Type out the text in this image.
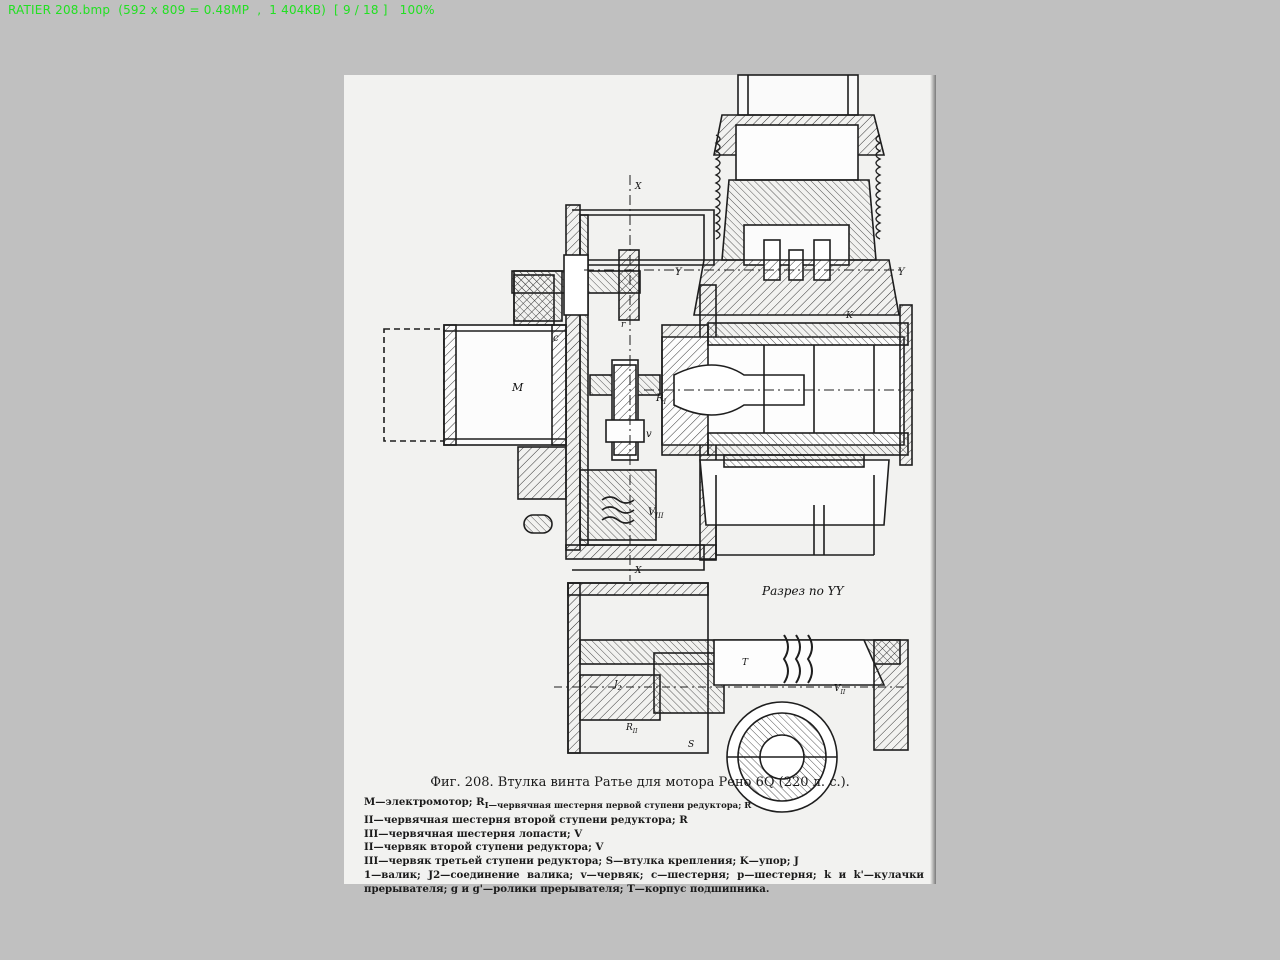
RATIER 208.bmp  (592 x 809 = 0.48MP  ,  1 404KB)  [ 9 / 18 ]   100%
M
c
v
$R_I$
$V_{III}$
K
Y	Y
X
X
r
T
S
$R_{II}$
$V_{II}$
$J_2$
Разрез по YY
Фиг. 208. Втулка винта Ратье для мотора Рено 6Q (220 л. с.).
M—электромотор; $R_{I—червячная шестерня первой ступени редуктора; R}$
II—червячная шестерня второй ступени редуктора; R
III—червячная шестерня лопасти; V
II—червяк второй ступени редуктора; V
III—червяк третьей ступени редуктора; S—втулка крепления; K—упор; J
1—валик; J2—соединение валика; v—червяк; c—шестерня; p—шестерня; k и k'—кулачки прерывателя; g и g'—ролики прерывателя; T—корпус подшипника.
